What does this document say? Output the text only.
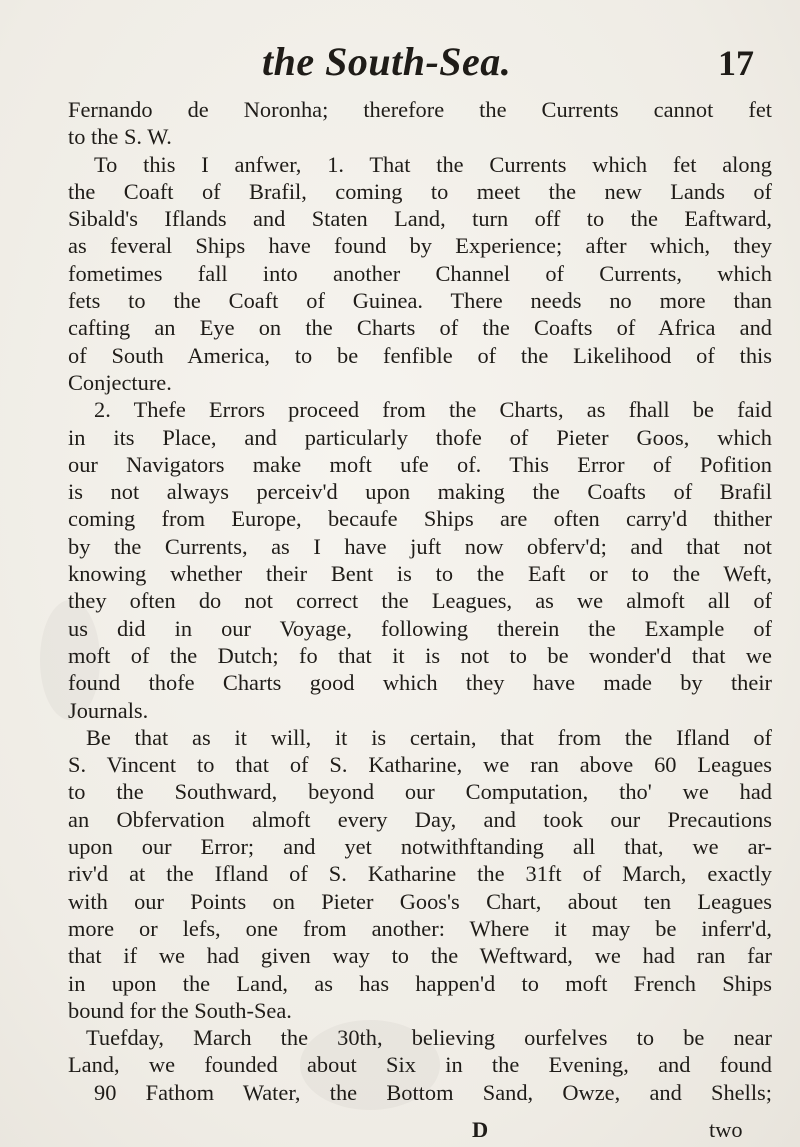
the South-Sea.	17
Fernando de Noronha; therefore the Currents cannot fet
to the S. W.
To this I anfwer, 1. That the Currents which fet along
the Coaft of Brafil, coming to meet the new Lands of
Sibald's Iflands and Staten Land, turn off to the Eaftward,
as feveral Ships have found by Experience; after which, they
fometimes fall into another Channel of Currents, which
fets to the Coaft of Guinea. There needs no more than
cafting an Eye on the Charts of the Coafts of Africa and
of South America, to be fenfible of the Likelihood of this
Conjecture.
2. Thefe Errors proceed from the Charts, as fhall be faid
in its Place, and particularly thofe of Pieter Goos, which
our Navigators make moft ufe of. This Error of Pofition
is not always perceiv'd upon making the Coafts of Brafil
coming from Europe, becaufe Ships are often carry'd thither
by the Currents, as I have juft now obferv'd; and that not
knowing whether their Bent is to the Eaft or to the Weft,
they often do not correct the Leagues, as we almoft all of
us did in our Voyage, following therein the Example of
moft of the Dutch; fo that it is not to be wonder'd that we
found thofe Charts good which they have made by their
Journals.
Be that as it will, it is certain, that from the Ifland of
S. Vincent to that of S. Katharine, we ran above 60 Leagues
to the Southward, beyond our Computation, tho' we had
an Obfervation almoft every Day, and took our Precautions
upon our Error; and yet notwithftanding all that, we ar-
riv'd at the Ifland of S. Katharine the 31ft of March, exactly
with our Points on Pieter Goos's Chart, about ten Leagues
more or lefs, one from another: Where it may be inferr'd,
that if we had given way to the Weftward, we had ran far
in upon the Land, as has happen'd to moft French Ships
bound for the South-Sea.
Tuefday, March the 30th, believing ourfelves to be near
Land, we founded about Six in the Evening, and found
90 Fathom Water, the Bottom Sand, Owze, and Shells;
D	two
